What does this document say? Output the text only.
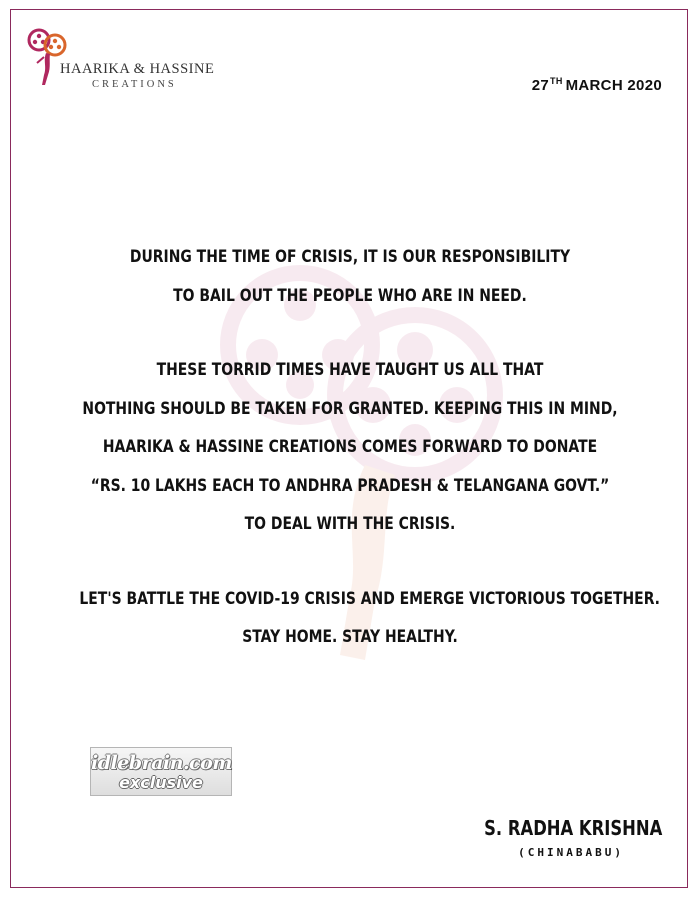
HAARIKA & HASSINE
CREATIONS	27TH MARCH 2020
DURING THE TIME OF CRISIS, IT IS OUR RESPONSIBILITY
TO BAIL OUT THE PEOPLE WHO ARE IN NEED.
THESE TORRID TIMES HAVE TAUGHT US ALL THAT
NOTHING SHOULD BE TAKEN FOR GRANTED. KEEPING THIS IN MIND,
HAARIKA & HASSINE CREATIONS COMES FORWARD TO DONATE
“RS. 10 LAKHS EACH TO ANDHRA PRADESH & TELANGANA GOVT.”
TO DEAL WITH THE CRISIS.
LET'S BATTLE THE COVID-19 CRISIS AND EMERGE VICTORIOUS TOGETHER.
STAY HOME. STAY HEALTHY.
idlebrain.com
exclusive
S. RADHA KRISHNA
(CHINABABU)
